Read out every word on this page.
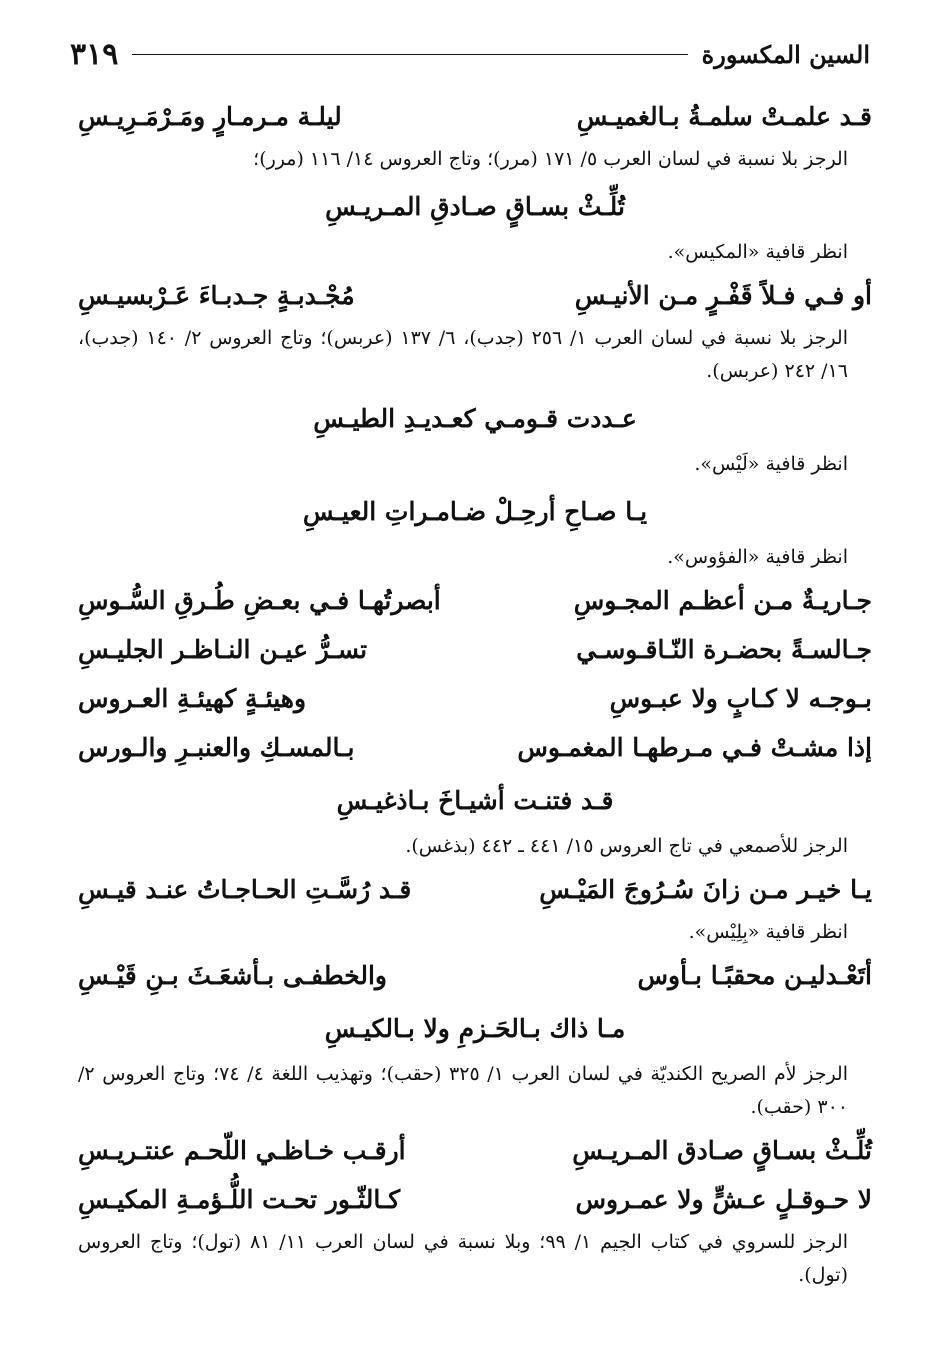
السين المكسورة
٣١٩
قـد علمـتْ سلمـةُ بـالغميـسِ
ليلـة مـرمـارٍ ومَـرْمَـرِيـسِ
الرجز بلا نسبة في لسان العرب ٥/ ١٧١ (مرر)؛ وتاج العروس ١٤/ ١١٦ (مرر)؛
تُلِّـثْ بسـاقٍ صـادقِ المـريـسِ
انظر قافية «المكيس».
أو فـي فـلاً قَفْـرٍ مـن الأنيـسِ
مُجْـدبـةٍ جـدبـاءَ عَـرْبسيـسِ
الرجز بلا نسبة في لسان العرب ١/ ٢٥٦ (جدب)، ٦/ ١٣٧ (عربس)؛ وتاج العروس ٢/ ١٤٠ (جدب)، ١٦/ ٢٤٢ (عربس).
عـددت قـومـي كعـديـدِ الطيـسِ
انظر قافية «لَيْس».
يـا صـاحِ أرحِـلْ ضـامـراتِ العيـسِ
انظر قافية «الفؤوس».
جـاريـةٌ مـن أعظـم المجـوسِ
أبصرتُهـا فـي بعـضِ طُـرقِ السُّـوسِ
جـالسـةً بحضـرة النّـاقـوسـي
تسـرُّ عيـن النـاظـر الجليـسِ
بـوجـه لا كـابٍ ولا عبـوسِ
وهيئـةٍ كهيئـةِ العـروس
إذا مشـتْ فـي مـرطهـا المغمـوس
بـالمسـكِ والعنبـرِ والـورس
قـد فتنـت أشيـاخَ بـاذغيـسِ
الرجز للأصمعي في تاج العروس ١٥/ ٤٤١ ـ ٤٤٢ (بذغس).
يـا خيـر مـن زانَ سُـرُوجَ المَيْـسِ
قـد رُسَّـتِ الحـاجـاتُ عنـد قيـسِ
انظر قافية «بِلِيْس».
أتَعْـدليـن محقبًـا بـأوس
والخطفـى بـأشعَـثَ بـنِ قَيْـسِ
مـا ذاك بـالحَـزمِ ولا بـالكيـسِ
الرجز لأم الصريح الكنديّة في لسان العرب ١/ ٣٢٥ (حقب)؛ وتهذيب اللغة ٤/ ٧٤؛ وتاج العروس ٢/ ٣٠٠ (حقب).
تُلِّـثْ بسـاقٍ صـادق المـريـسِ
أرقـب خـاظـي اللّحـم عنتـريـسِ
لا حـوقـلٍ عـشٍّ ولا عمـروس
كـالثّـور تحـت اللُّـؤمـةِ المكيـسِ
الرجز للسروي في كتاب الجيم ١/ ٩٩؛ وبلا نسبة في لسان العرب ١١/ ٨١ (تول)؛ وتاج العروس (تول).
